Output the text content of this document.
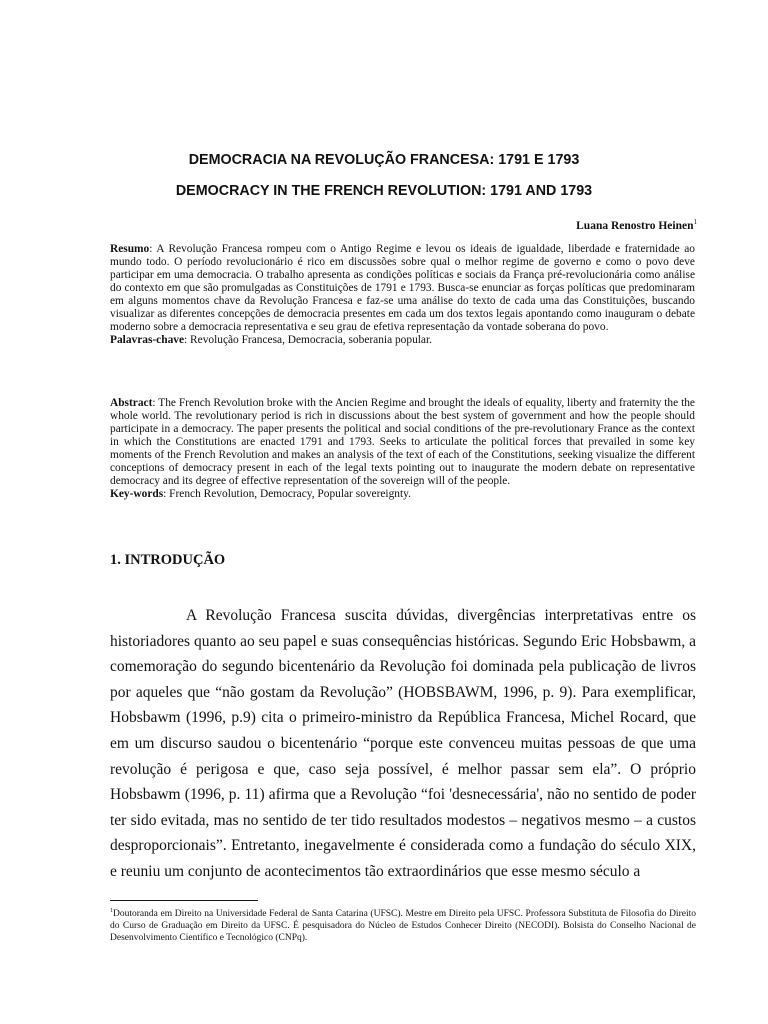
DEMOCRACIA NA REVOLUÇÃO FRANCESA: 1791 E 1793
DEMOCRACY IN THE FRENCH REVOLUTION: 1791 AND 1793
Luana Renostro Heinen$^1$

Resumo: A Revolução Francesa rompeu com o Antigo Regime e levou os ideais de igualdade, liberdade e fraternidade ao mundo todo. O período revolucionário é rico em discussões sobre qual o melhor regime de governo e como o povo deve participar em uma democracia. O trabalho apresenta as condições políticas e sociais da França pré-revolucionária como análise do contexto em que são promulgadas as Constituições de 1791 e 1793. Busca-se enunciar as forças políticas que predominaram em alguns momentos chave da Revolução Francesa e faz-se uma análise do texto de cada uma das Constituições, buscando visualizar as diferentes concepções de democracia presentes em cada um dos textos legais apontando como inauguram o debate moderno sobre a democracia representativa e seu grau de efetiva representação da vontade soberana do povo.

Palavras-chave: Revolução Francesa, Democracia, soberania popular.

Abstract: The French Revolution broke with the Ancien Regime and brought the ideals of equality, liberty and fraternity the the whole world. The revolutionary period is rich in discussions about the best system of government and how the people should participate in a democracy. The paper presents the political and social conditions of the pre-revolutionary France as the context in which the Constitutions are enacted 1791 and 1793. Seeks to articulate the political forces that prevailed in some key moments of the French Revolution and makes an analysis of the text of each of the Constitutions, seeking visualize the different conceptions of democracy present in each of the legal texts pointing out to inaugurate the modern debate on representative democracy and its degree of effective representation of the sovereign will of the people.

Key-words: French Revolution, Democracy, Popular sovereignty.

1. INTRODUÇÃO

A Revolução Francesa suscita dúvidas, divergências interpretativas entre os historiadores quanto ao seu papel e suas consequências históricas. Segundo Eric Hobsbawm, a comemoração do segundo bicentenário da Revolução foi dominada pela publicação de livros por aqueles que “não gostam da Revolução” (HOBSBAWM, 1996, p. 9). Para exemplificar, Hobsbawm (1996, p.9) cita o primeiro-ministro da República Francesa, Michel Rocard, que em um discurso saudou o bicentenário “porque este convenceu muitas pessoas de que uma revolução é perigosa e que, caso seja possível, é melhor passar sem ela”. O próprio Hobsbawm (1996, p. 11) afirma que a Revolução “foi 'desnecessária', não no sentido de poder ter sido evitada, mas no sentido de ter tido resultados modestos – negativos mesmo – a custos desproporcionais”. Entretanto, inegavelmente é considerada como a fundação do século XIX, e reuniu um conjunto de acontecimentos tão extraordinários que esse mesmo século a

$^1$Doutoranda em Direito na Universidade Federal de Santa Catarina (UFSC). Mestre em Direito pela UFSC. Professora Substituta de Filosofia do Direito do Curso de Graduação em Direito da UFSC. É pesquisadora do Núcleo de Estudos Conhecer Direito (NECODI). Bolsista do Conselho Nacional de Desenvolvimento Científico e Tecnológico (CNPq).
